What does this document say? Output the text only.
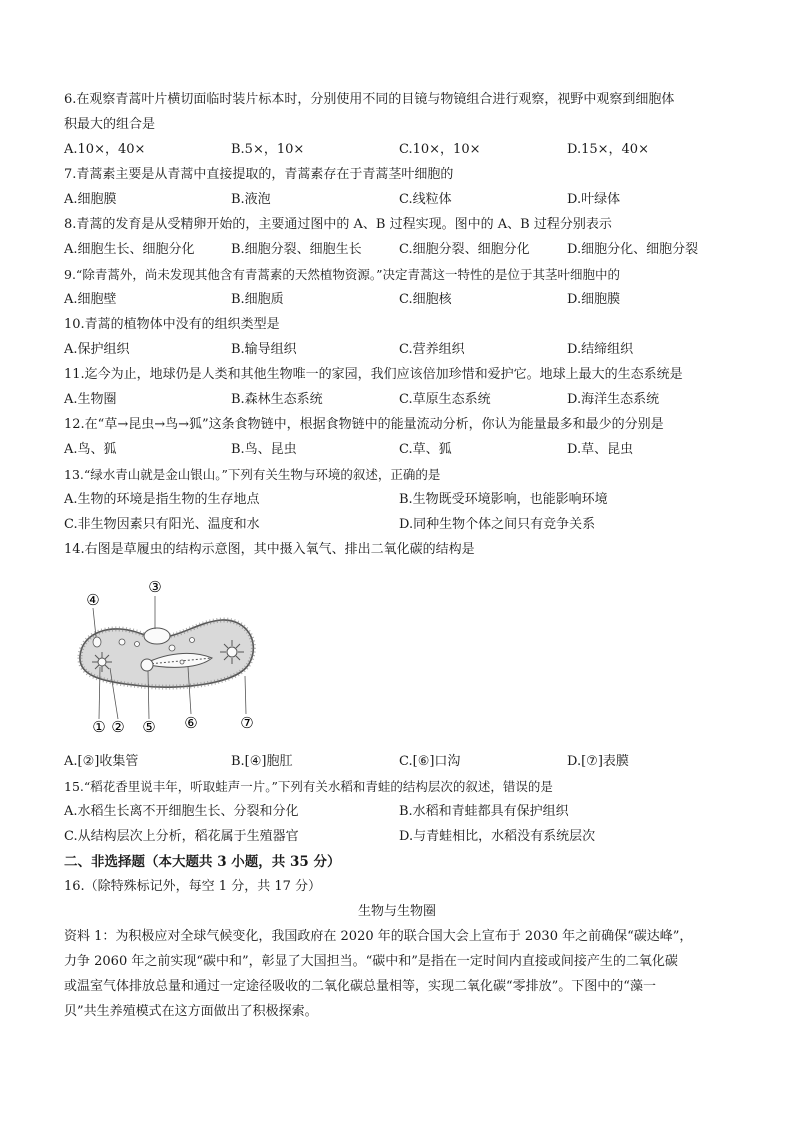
6.在观察青蒿叶片横切面临时装片标本时，分别使用不同的目镜与物镜组合进行观察，视野中观察到细胞体
积最大的组合是
A.10×，40×	B.5×，10×	C.10×，10×	D.15×，40×
7.青蒿素主要是从青蒿中直接提取的，青蒿素存在于青蒿茎叶细胞的
A.细胞膜	B.液泡	C.线粒体	D.叶绿体
8.青蒿的发育是从受精卵开始的，主要通过图中的 A、B 过程实现。图中的 A、B 过程分别表示
A.细胞生长、细胞分化	B.细胞分裂、细胞生长	C.细胞分裂、细胞分化	D.细胞分化、细胞分裂
9.“除青蒿外，尚未发现其他含有青蒿素的天然植物资源。”决定青蒿这一特性的是位于其茎叶细胞中的
A.细胞壁	B.细胞质	C.细胞核	D.细胞膜
10.青蒿的植物体中没有的组织类型是
A.保护组织	B.输导组织	C.营养组织	D.结缔组织
11.迄今为止，地球仍是人类和其他生物唯一的家园，我们应该倍加珍惜和爱护它。地球上最大的生态系统是
A.生物圈	B.森林生态系统	C.草原生态系统	D.海洋生态系统
12.在“草→昆虫→鸟→狐”这条食物链中，根据食物链中的能量流动分析，你认为能量最多和最少的分别是
A.鸟、狐	B.鸟、昆虫	C.草、狐	D.草、昆虫
13.“绿水青山就是金山银山。”下列有关生物与环境的叙述，正确的是
A.生物的环境是指生物的生存地点	B.生物既受环境影响，也能影响环境
C.非生物因素只有阳光、温度和水	D.同种生物个体之间只有竞争关系
14.右图是草履虫的结构示意图，其中摄入氧气、排出二氧化碳的结构是
③
④
① ② ⑤ ⑥	⑦
A.[②]收集管	B.[④]胞肛	C.[⑥]口沟	D.[⑦]表膜
15.“稻花香里说丰年，听取蛙声一片。”下列有关水稻和青蛙的结构层次的叙述，错误的是
A.水稻生长离不开细胞生长、分裂和分化	B.水稻和青蛙都具有保护组织
C.从结构层次上分析，稻花属于生殖器官	D.与青蛙相比，水稻没有系统层次
二、非选择题（本大题共 3 小题，共 35 分）
16.（除特殊标记外，每空 1 分，共 17 分）
生物与生物圈
资料 1：为积极应对全球气候变化，我国政府在 2020 年的联合国大会上宣布于 2030 年之前确保“碳达峰”，
力争 2060 年之前实现“碳中和”，彰显了大国担当。“碳中和”是指在一定时间内直接或间接产生的二氧化碳
或温室气体排放总量和通过一定途径吸收的二氧化碳总量相等，实现二氧化碳“零排放”。下图中的“藻一
贝”共生养殖模式在这方面做出了积极探索。
